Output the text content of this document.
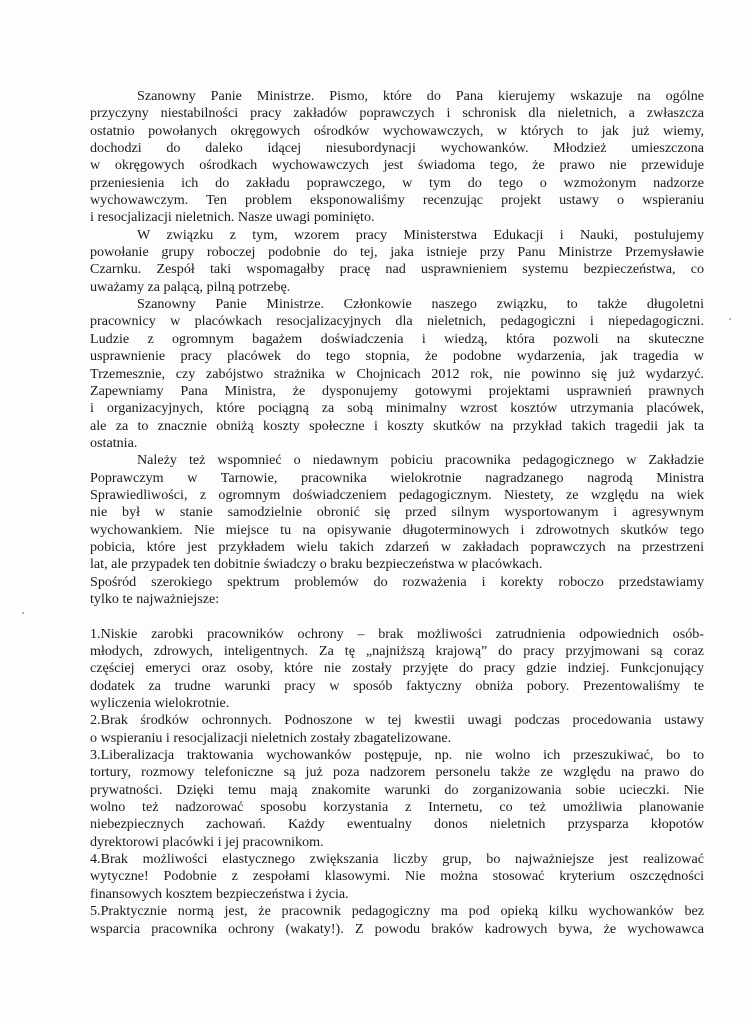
Szanowny Panie Ministrze. Pismo, które do Pana kierujemy wskazuje na ogólne
przyczyny niestabilności pracy zakładów poprawczych i schronisk dla nieletnich, a zwłaszcza
ostatnio powołanych okręgowych ośrodków wychowawczych, w których to jak już wiemy,
dochodzi do daleko idącej niesubordynacji wychowanków. Młodzież umieszczona
w okręgowych ośrodkach wychowawczych jest świadoma tego, że prawo nie przewiduje
przeniesienia ich do zakładu poprawczego, w tym do tego o wzmożonym nadzorze
wychowawczym. Ten problem eksponowaliśmy recenzując projekt ustawy o wspieraniu
i resocjalizacji nieletnich. Nasze uwagi pominięto.
W związku z tym, wzorem pracy Ministerstwa Edukacji i Nauki, postulujemy
powołanie grupy roboczej podobnie do tej, jaka istnieje przy Panu Ministrze Przemysławie
Czarnku. Zespół taki wspomagałby pracę nad usprawnieniem systemu bezpieczeństwa, co
uważamy za palącą, pilną potrzebę.
Szanowny Panie Ministrze. Członkowie naszego związku, to także długoletni
pracownicy w placówkach resocjalizacyjnych dla nieletnich, pedagogiczni i niepedagogiczni.
Ludzie z ogromnym bagażem doświadczenia i wiedzą, która pozwoli na skuteczne
usprawnienie pracy placówek do tego stopnia, że podobne wydarzenia, jak tragedia w
Trzemesznie, czy zabójstwo strażnika w Chojnicach 2012 rok, nie powinno się już wydarzyć.
Zapewniamy Pana Ministra, że dysponujemy gotowymi projektami usprawnień prawnych
i organizacyjnych, które pociągną za sobą minimalny wzrost kosztów utrzymania placówek,
ale za to znacznie obniżą koszty społeczne i koszty skutków na przykład takich tragedii jak ta
ostatnia.
Należy też wspomnieć o niedawnym pobiciu pracownika pedagogicznego w Zakładzie
Poprawczym w Tarnowie, pracownika wielokrotnie nagradzanego nagrodą Ministra
Sprawiedliwości, z ogromnym doświadczeniem pedagogicznym. Niestety, ze względu na wiek
nie był w stanie samodzielnie obronić się przed silnym wysportowanym i agresywnym
wychowankiem. Nie miejsce tu na opisywanie długoterminowych i zdrowotnych skutków tego
pobicia, które jest przykładem wielu takich zdarzeń w zakładach poprawczych na przestrzeni
lat, ale przypadek ten dobitnie świadczy o braku bezpieczeństwa w placówkach.
Spośród szerokiego spektrum problemów do rozważenia i korekty roboczo przedstawiamy
tylko te najważniejsze:
1.Niskie zarobki pracowników ochrony – brak możliwości zatrudnienia odpowiednich osób-
młodych, zdrowych, inteligentnych. Za tę „najniższą krajową” do pracy przyjmowani są coraz
częściej emeryci oraz osoby, które nie zostały przyjęte do pracy gdzie indziej. Funkcjonujący
dodatek za trudne warunki pracy w sposób faktyczny obniża pobory. Prezentowaliśmy te
wyliczenia wielokrotnie.
2.Brak środków ochronnych. Podnoszone w tej kwestii uwagi podczas procedowania ustawy
o wspieraniu i resocjalizacji nieletnich zostały zbagatelizowane.
3.Liberalizacja traktowania wychowanków postępuje, np. nie wolno ich przeszukiwać, bo to
tortury, rozmowy telefoniczne są już poza nadzorem personelu także ze względu na prawo do
prywatności. Dzięki temu mają znakomite warunki do zorganizowania sobie ucieczki. Nie
wolno też nadzorować sposobu korzystania z Internetu, co też umożliwia planowanie
niebezpiecznych zachowań. Każdy ewentualny donos nieletnich przysparza kłopotów
dyrektorowi placówki i jej pracownikom.
4.Brak możliwości elastycznego zwiększania liczby grup, bo najważniejsze jest realizować
wytyczne! Podobnie z zespołami klasowymi. Nie można stosować kryterium oszczędności
finansowych kosztem bezpieczeństwa i życia.
5.Praktycznie normą jest, że pracownik pedagogiczny ma pod opieką kilku wychowanków bez
wsparcia pracownika ochrony (wakaty!). Z powodu braków kadrowych bywa, że wychowawca
